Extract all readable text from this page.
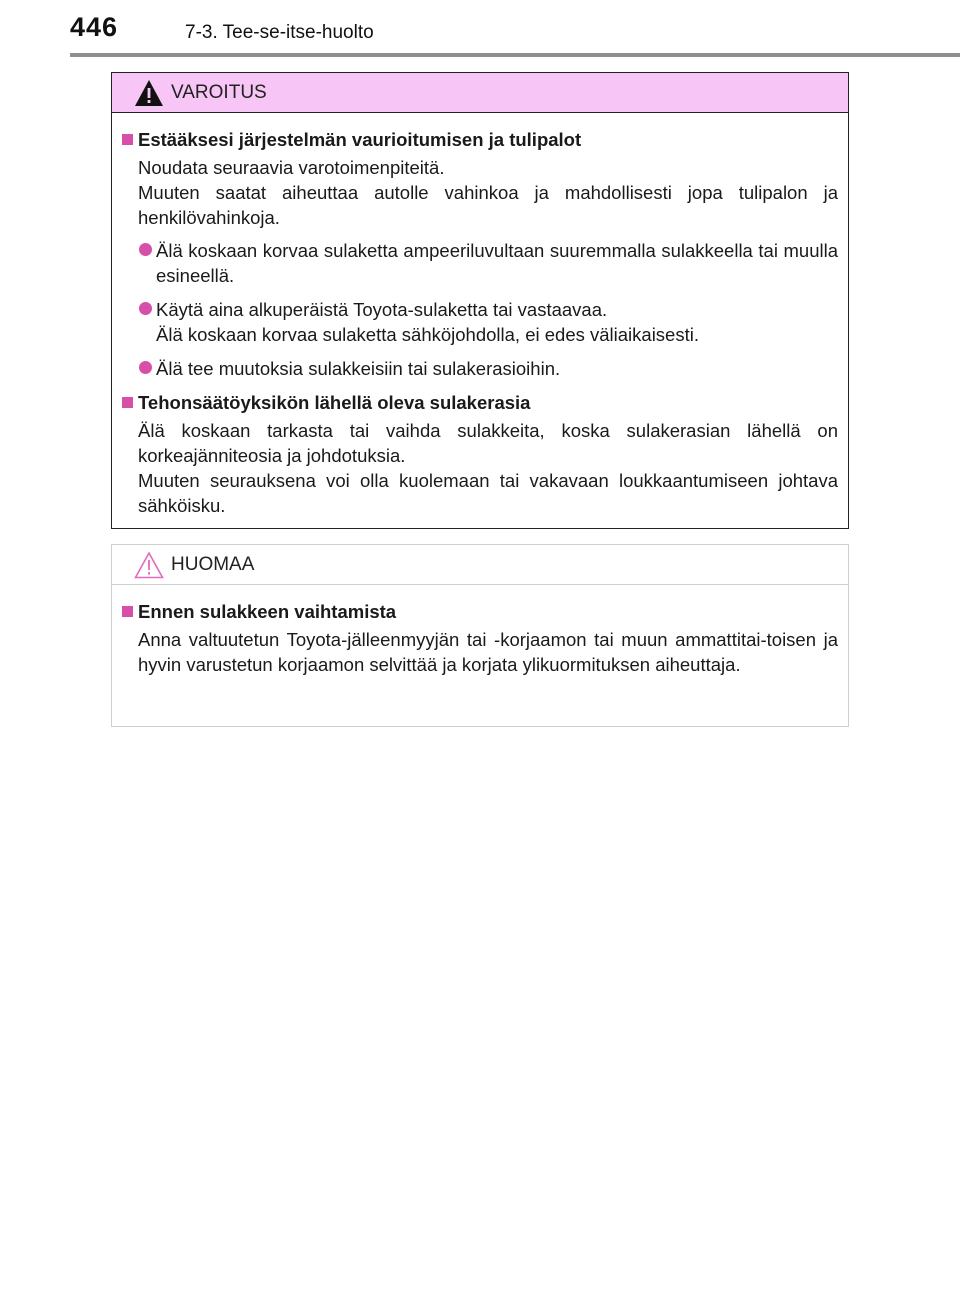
446	7-3. Tee-se-itse-huolto
VAROITUS
Estääksesi järjestelmän vaurioitumisen ja tulipalot
Noudata seuraavia varotoimenpiteitä.
Muuten saatat aiheuttaa autolle vahinkoa ja mahdollisesti jopa tulipalon ja henkilövahinkoja.
Älä koskaan korvaa sulaketta ampeeriluvultaan suuremmalla sulakkeella tai muulla esineellä.
Käytä aina alkuperäistä Toyota-sulaketta tai vastaavaa.
Älä koskaan korvaa sulaketta sähköjohdolla, ei edes väliaikaisesti.
Älä tee muutoksia sulakkeisiin tai sulakerasioihin.
Tehonsäätöyksikön lähellä oleva sulakerasia
Älä koskaan tarkasta tai vaihda sulakkeita, koska sulakerasian lähellä on korkeajänniteosia ja johdotuksia.
Muuten seurauksena voi olla kuolemaan tai vakavaan loukkaantumiseen johtava sähköisku.
HUOMAA
Ennen sulakkeen vaihtamista
Anna valtuutetun Toyota-jälleenmyyjän tai -korjaamon tai muun ammattitai-toisen ja hyvin varustetun korjaamon selvittää ja korjata ylikuormituksen aiheuttaja.
